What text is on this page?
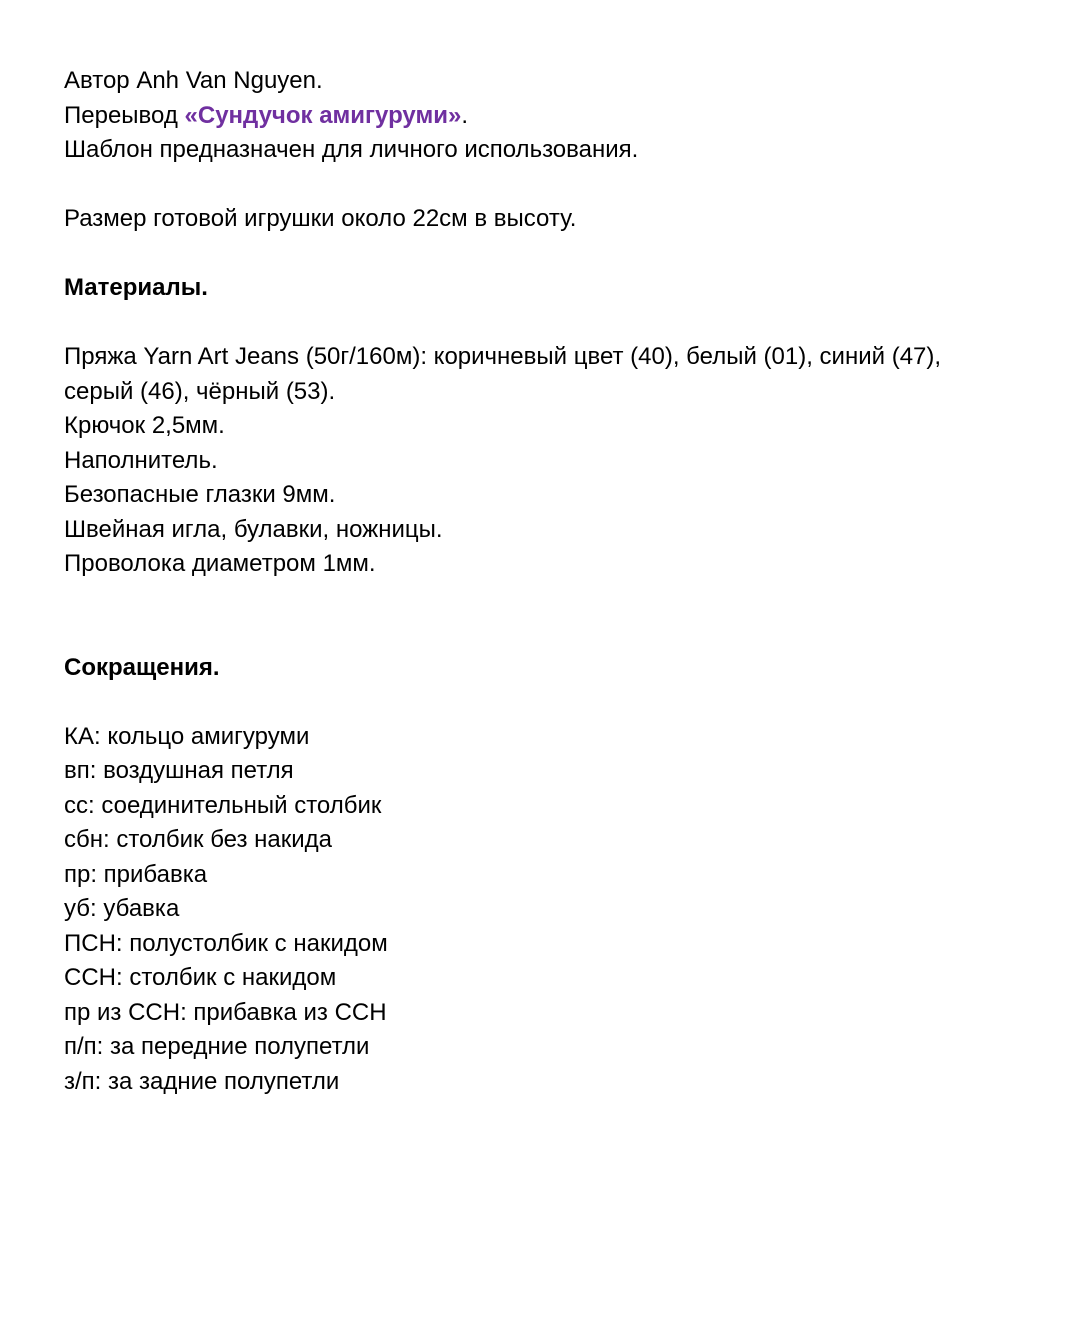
Автор Anh Van Nguyen.
Переывод «Сундучок амигуруми».
Шаблон предназначен для личного использования.
Размер готовой игрушки около 22см в высоту.
Материалы.
Пряжа Yarn Art Jeans (50г/160м): коричневый цвет (40), белый (01), синий (47),
серый (46), чёрный (53).
Крючок 2,5мм.
Наполнитель.
Безопасные глазки 9мм.
Швейная игла, булавки, ножницы.
Проволока диаметром 1мм.
Сокращения.
КА: кольцо амигуруми
вп: воздушная петля
сс: соединительный столбик
сбн: столбик без накида
пр: прибавка
уб: убавка
ПСН: полустолбик с накидом
ССН: столбик с накидом
пр из ССН: прибавка из ССН
п/п: за передние полупетли
з/п: за задние полупетли
